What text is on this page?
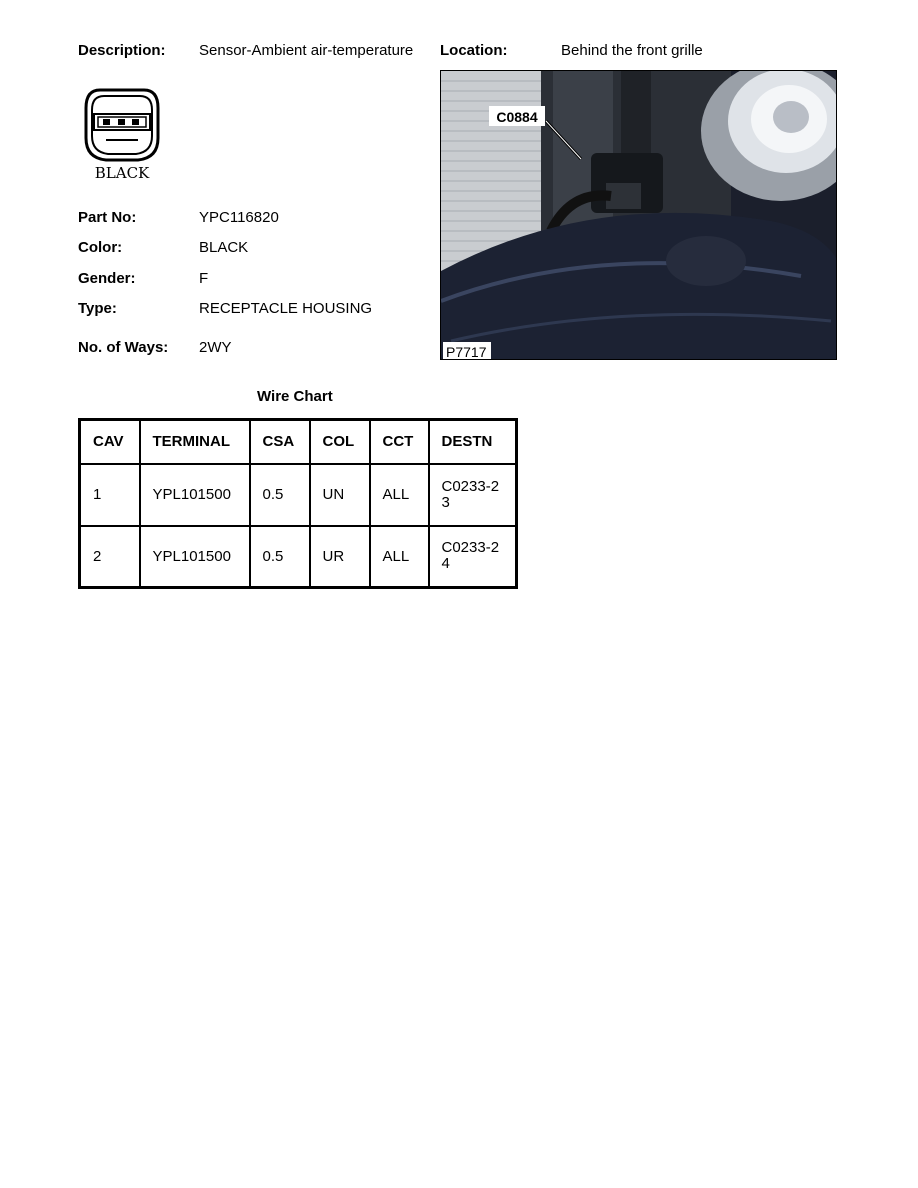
Description: Sensor-Ambient air-temperature Location:	Behind the front grille
BLACK
Part No:	YPC116820
Color:	BLACK
Gender:	F
Type:	RECEPTACLE HOUSING
No. of Ways: 2WY
C0884
P7717
Wire Chart
CAV	TERMINAL	CSA	COL	CCT	DESTN
1	YPL101500	0.5	UN	ALL	C0233-23
2	YPL101500	0.5	UR	ALL	C0233-24
